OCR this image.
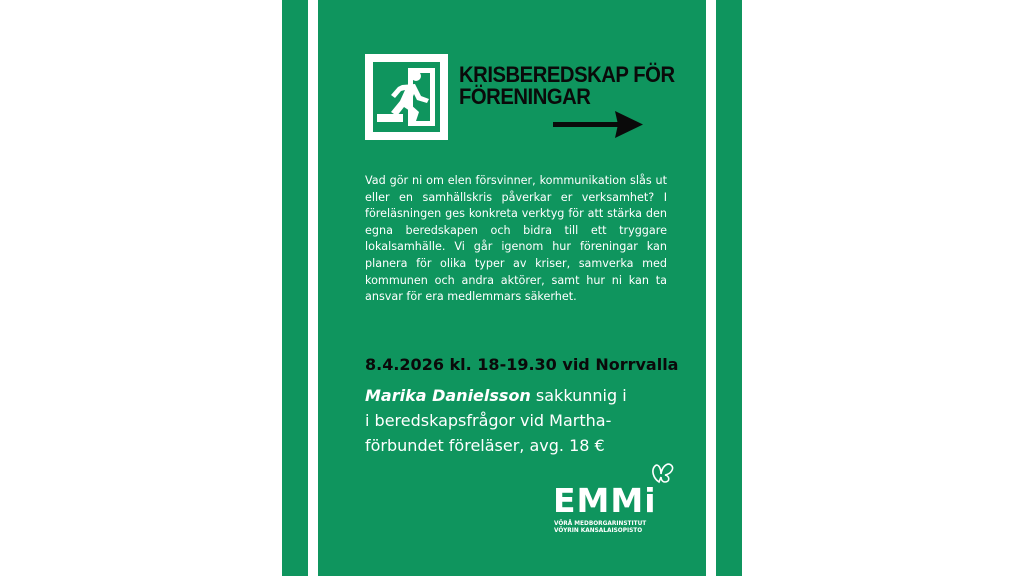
KRISBEREDSKAP FÖR
FÖRENINGAR

Vad gör ni om elen försvinner, kommunikation slås ut eller en samhällskris påverkar er verksamhet? I föreläsningen ges konkreta verktyg för att stärka den egna beredskapen och bidra till ett tryggare lokalsamhälle. Vi går igenom hur föreningar kan planera för olika typer av kriser, samverka med kommunen och andra aktörer, samt hur ni kan ta ansvar för era medlemmars säkerhet.

8.4.2026 kl. 18-19.30 vid Norrvalla
Marika Danielsson sakkunnig i
i beredskapsfrågor vid Martha-
förbundet föreläser, avg. 18 €
EMMi
VÖRÅ MEDBORGARINSTITUT
VÖYRIN KANSALAISOPISTO
